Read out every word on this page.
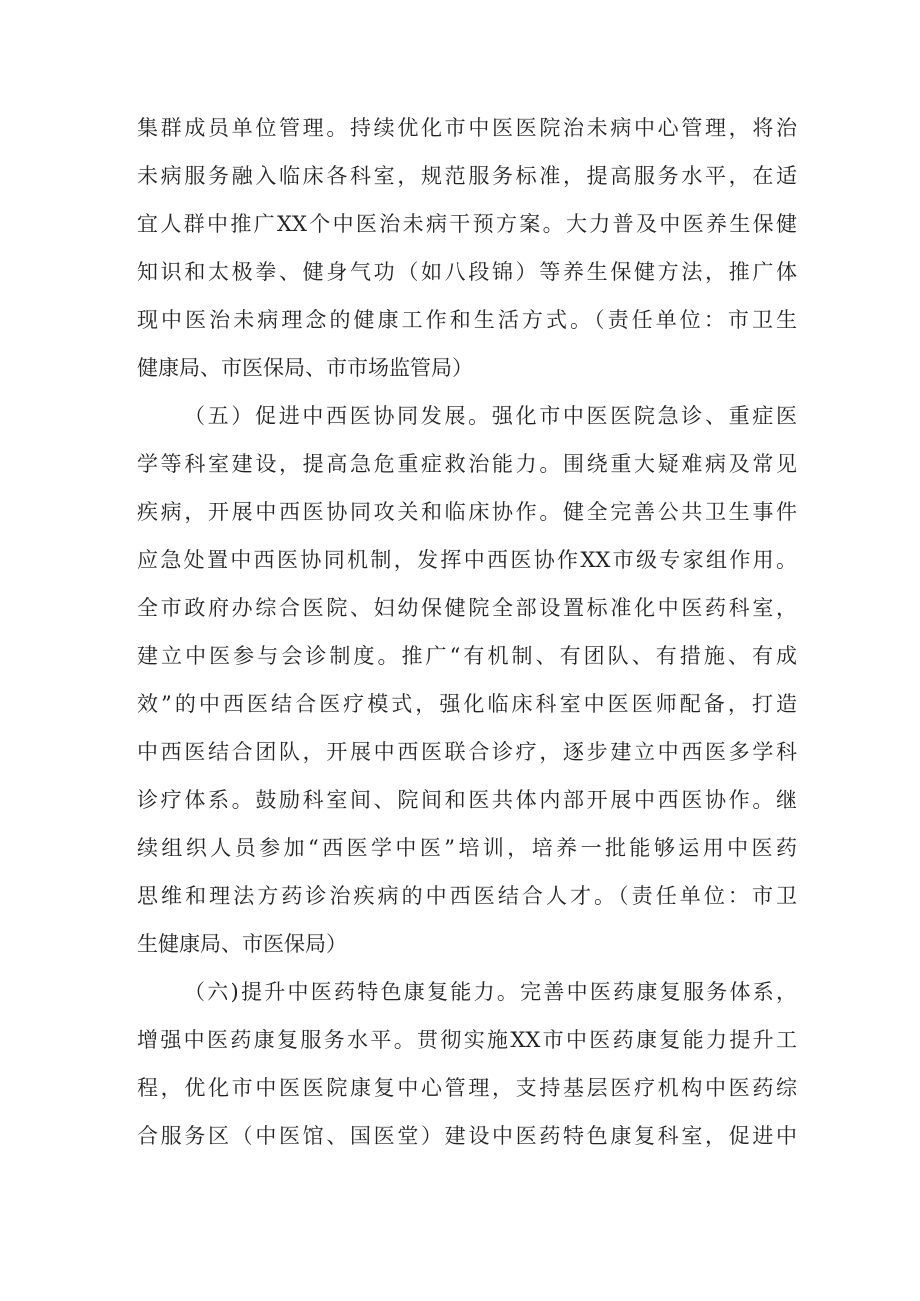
集群成员单位管理。持续优化市中医医院治未病中心管理，将治
未病服务融入临床各科室，规范服务标准，提高服务水平，在适
宜人群中推广XX个中医治未病干预方案。大力普及中医养生保健
知识和太极拳、健身气功（如八段锦）等养生保健方法，推广体
现中医治未病理念的健康工作和生活方式。（责任单位：市卫生
健康局、市医保局、市市场监管局）
（五）促进中西医协同发展。强化市中医医院急诊、重症医
学等科室建设，提高急危重症救治能力。围绕重大疑难病及常见
疾病，开展中西医协同攻关和临床协作。健全完善公共卫生事件
应急处置中西医协同机制，发挥中西医协作XX市级专家组作用。
全市政府办综合医院、妇幼保健院全部设置标准化中医药科室，
建立中医参与会诊制度。推广“有机制、有团队、有措施、有成
效”的中西医结合医疗模式，强化临床科室中医医师配备，打造
中西医结合团队，开展中西医联合诊疗，逐步建立中西医多学科
诊疗体系。鼓励科室间、院间和医共体内部开展中西医协作。继
续组织人员参加“西医学中医”培训，培养一批能够运用中医药
思维和理法方药诊治疾病的中西医结合人才。（责任单位：市卫
生健康局、市医保局）
（六)提升中医药特色康复能力。完善中医药康复服务体系，
增强中医药康复服务水平。贯彻实施XX市中医药康复能力提升工
程，优化市中医医院康复中心管理，支持基层医疗机构中医药综
合服务区（中医馆、国医堂）建设中医药特色康复科室，促进中
